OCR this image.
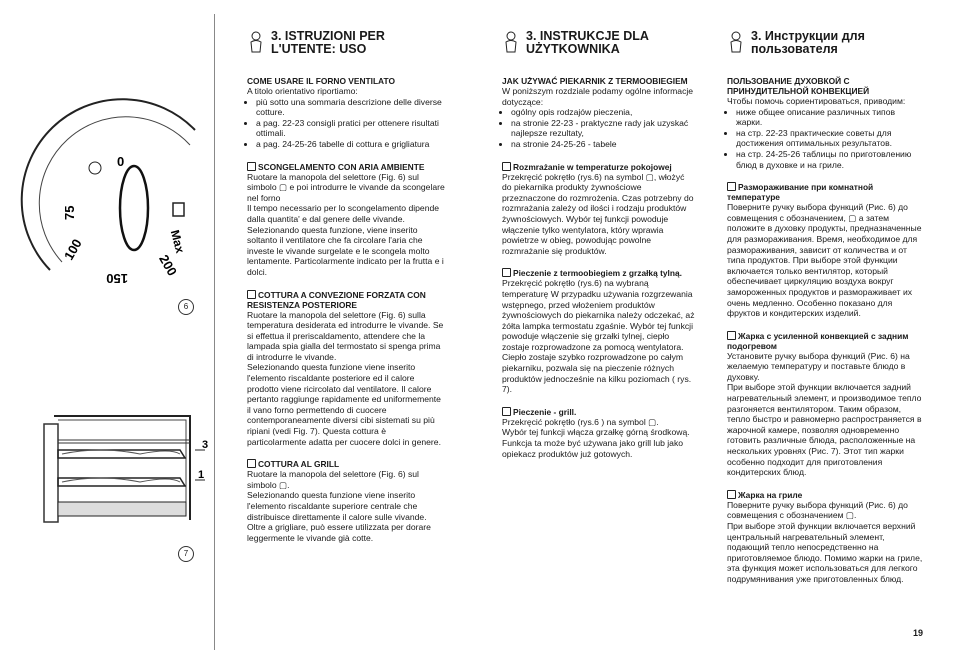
0
75
100
150
200
Max
6
3
1
7
3. ISTRUZIONI PER L'UTENTE: USO
COME USARE IL FORNO VENTILATO

A titolo orientativo riportiamo:

• più sotto una sommaria descrizione delle diverse cotture.
• a pag. 22-23 consigli pratici per ottenere risultati ottimali.
• a pag. 24-25-26 tabelle di cottura e grigliatura
SCONGELAMENTO CON ARIA AMBIENTE

Ruotare la manopola del selettore (Fig. 6) sul simbolo ▢ e poi introdurre le vivande da scongelare nel forno

Il tempo necessario per lo scongelamento dipende dalla quantita' e dal genere delle vivande.

Selezionando questa funzione, viene inserito soltanto il ventilatore che fa circolare l'aria che investe le vivande surgelate e le scongela molto lentamente. Particolarmente indicato per la frutta e i dolci.

COTTURA A CONVEZIONE FORZATA CON RESISTENZA POSTERIORE

Ruotare la manopola del selettore (Fig. 6) sulla temperatura desiderata ed introdurre le vivande. Se si effettua il preriscaldamento, attendere che la lampada spia gialla del termostato si spenga prima di introdurre le vivande.

Selezionando questa funzione viene inserito l'elemento riscaldante posteriore ed il calore prodotto viene ricircolato dal ventilatore. Il calore pertanto raggiunge rapidamente ed uniformemente il vano forno permettendo di cuocere contemporaneamente diversi cibi sistemati su più ripiani (vedi Fig. 7). Questa cottura è particolarmente adatta per cuocere dolci in genere.

COTTURA AL GRILL

Ruotare la manopola del selettore (Fig. 6) sul simbolo ▢.

Selezionando questa funzione viene inserito l'elemento riscaldante superiore centrale che distribuisce direttamente il calore sulle vivande. Oltre a grigliare, può essere utilizzata per dorare leggermente le vivande già cotte.

3. INSTRUKCJE DLA UŻYTKOWNIKA
JAK UŻYWAĆ PIEKARNIK Z TERMOOBIEGIEM

W poniższym rozdziale podamy ogólne informacje dotyczące:

• ogólny opis rodzajów pieczenia,
• na stronie 22-23 - praktyczne rady jak uzyskać najlepsze rezultaty,
• na stronie 24-25-26 - tabele
Rozmrażanie w temperaturze pokojowej

Przekręcić pokrętło (rys.6) na symbol ▢, włożyć do piekarnika produkty żywnościowe przeznaczone do rozmrożenia. Czas potrzebny do rozmrażania zależy od ilości i rodzaju produktów żywnościowych. Wybór tej funkcji powoduje włączenie tylko wentylatora, który wprawia powietrze w obieg, powodując powolne rozmrażanie się produktów.

Pieczenie z termoobiegiem z grzałką tylną.

Przekręcić pokrętło (rys.6) na wybraną temperaturę W przypadku używania rozgrzewania wstępnego, przed włożeniem produktów żywnościowych do piekarnika należy odczekać, aż żółta lampka termostatu zgaśnie. Wybór tej funkcji powoduje włączenie się grzałki tylnej, ciepło zostaje rozprowadzone za pomocą wentylatora. Ciepło zostaje szybko rozprowadzone po całym piekarniku, pozwala się na pieczenie różnych produktów jednocześnie na kilku poziomach ( rys. 7).

Pieczenie - grill.

Przekręcić pokrętło (rys.6 ) na symbol ▢.

Wybór tej funkcji włącza grzałkę górną środkową.

Funkcja ta może być używana jako grill lub jako opiekacz produktów już gotowych.

3. Инструкции для пользователя
ПОЛЬЗОВАНИЕ ДУХОВКОЙ С ПРИНУДИТЕЛЬНОЙ КОНВЕКЦИЕЙ

Чтобы помочь сориентироваться, приводим:

• ниже общее описание различных типов жарки.
• на стр. 22-23 практические советы для достижения оптимальных результатов.
• на стр. 24-25-26 таблицы по приготовлению блюд в духовке и на гриле.
Размораживание при комнатной температуре

Поверните ручку выбора функций (Рис. 6) до совмещения с обозначением, ▢ а затем положите в духовку продукты, предназначенные для размораживания. Время, необходимое для размораживания, зависит от количества и от типа продуктов. При выборе этой функции включается только вентилятор, который обеспечивает циркуляцию воздуха вокруг замороженных продуктов и размораживает их очень медленно. Особенно показано для фруктов и кондитерских изделий.

Жарка с усиленной конвекцией с задним подогревом

Установите ручку выбора функций (Рис. 6) на желаемую температуру и поставьте блюдо в духовку.

При выборе этой функции включается задний нагревательный элемент, и производимое тепло разгоняется вентилятором. Таким образом, тепло быстро и равномерно распространяется в жарочной камере, позволяя одновременно готовить различные блюда, расположенные на нескольких уровнях (Рис. 7). Этот тип жарки особенно подходит для приготовления кондитерских блюд.

Жарка на гриле

Поверните ручку выбора функций (Рис. 6) до совмещения с обозначением ▢.

При выборе этой функции включается верхний центральный нагревательный элемент, подающий тепло непосредственно на приготовляемое блюдо. Помимо жарки на гриле, эта функция может использоваться для легкого подрумянивания уже приготовленных блюд.

19
